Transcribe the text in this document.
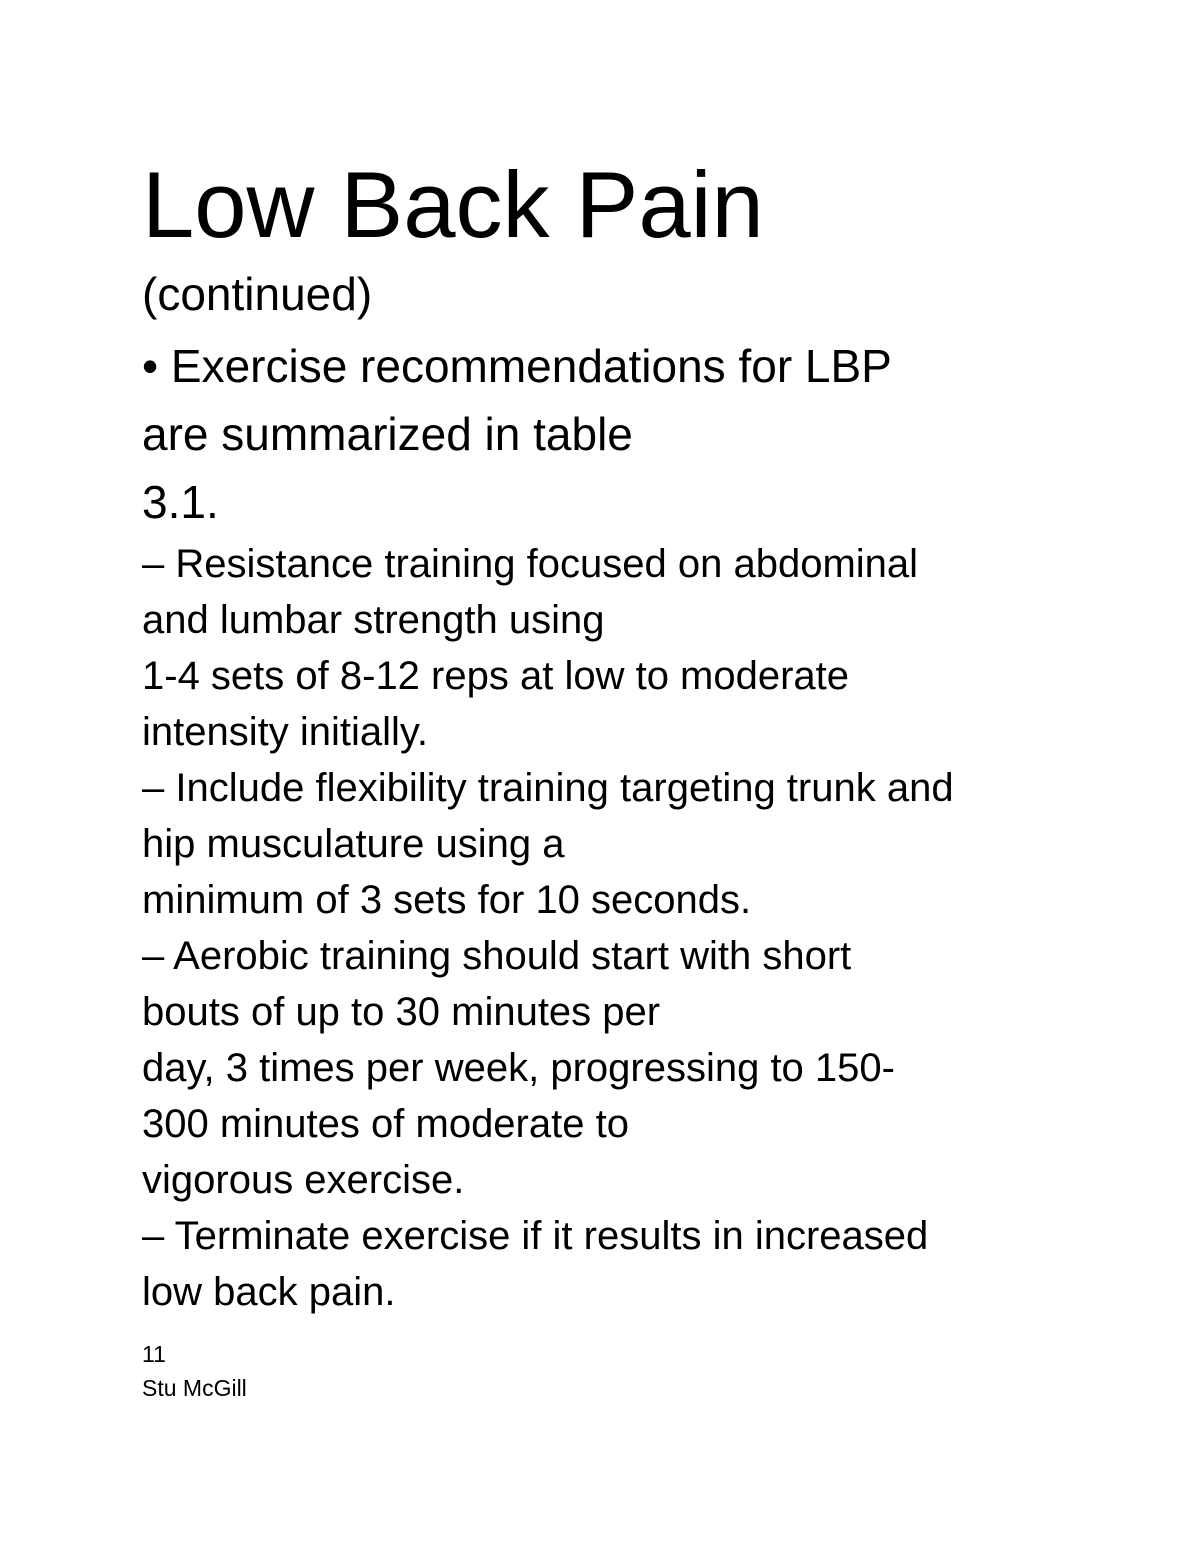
Low Back Pain
(continued)
• Exercise recommendations for LBP
are summarized in table
3.1.
– Resistance training focused on abdominal
and lumbar strength using
1-4 sets of 8-12 reps at low to moderate
intensity initially.
– Include flexibility training targeting trunk and
hip musculature using a
minimum of 3 sets for 10 seconds.
– Aerobic training should start with short
bouts of up to 30 minutes per
day, 3 times per week, progressing to 150-
300 minutes of moderate to
vigorous exercise.
– Terminate exercise if it results in increased
low back pain.
11
Stu McGill
